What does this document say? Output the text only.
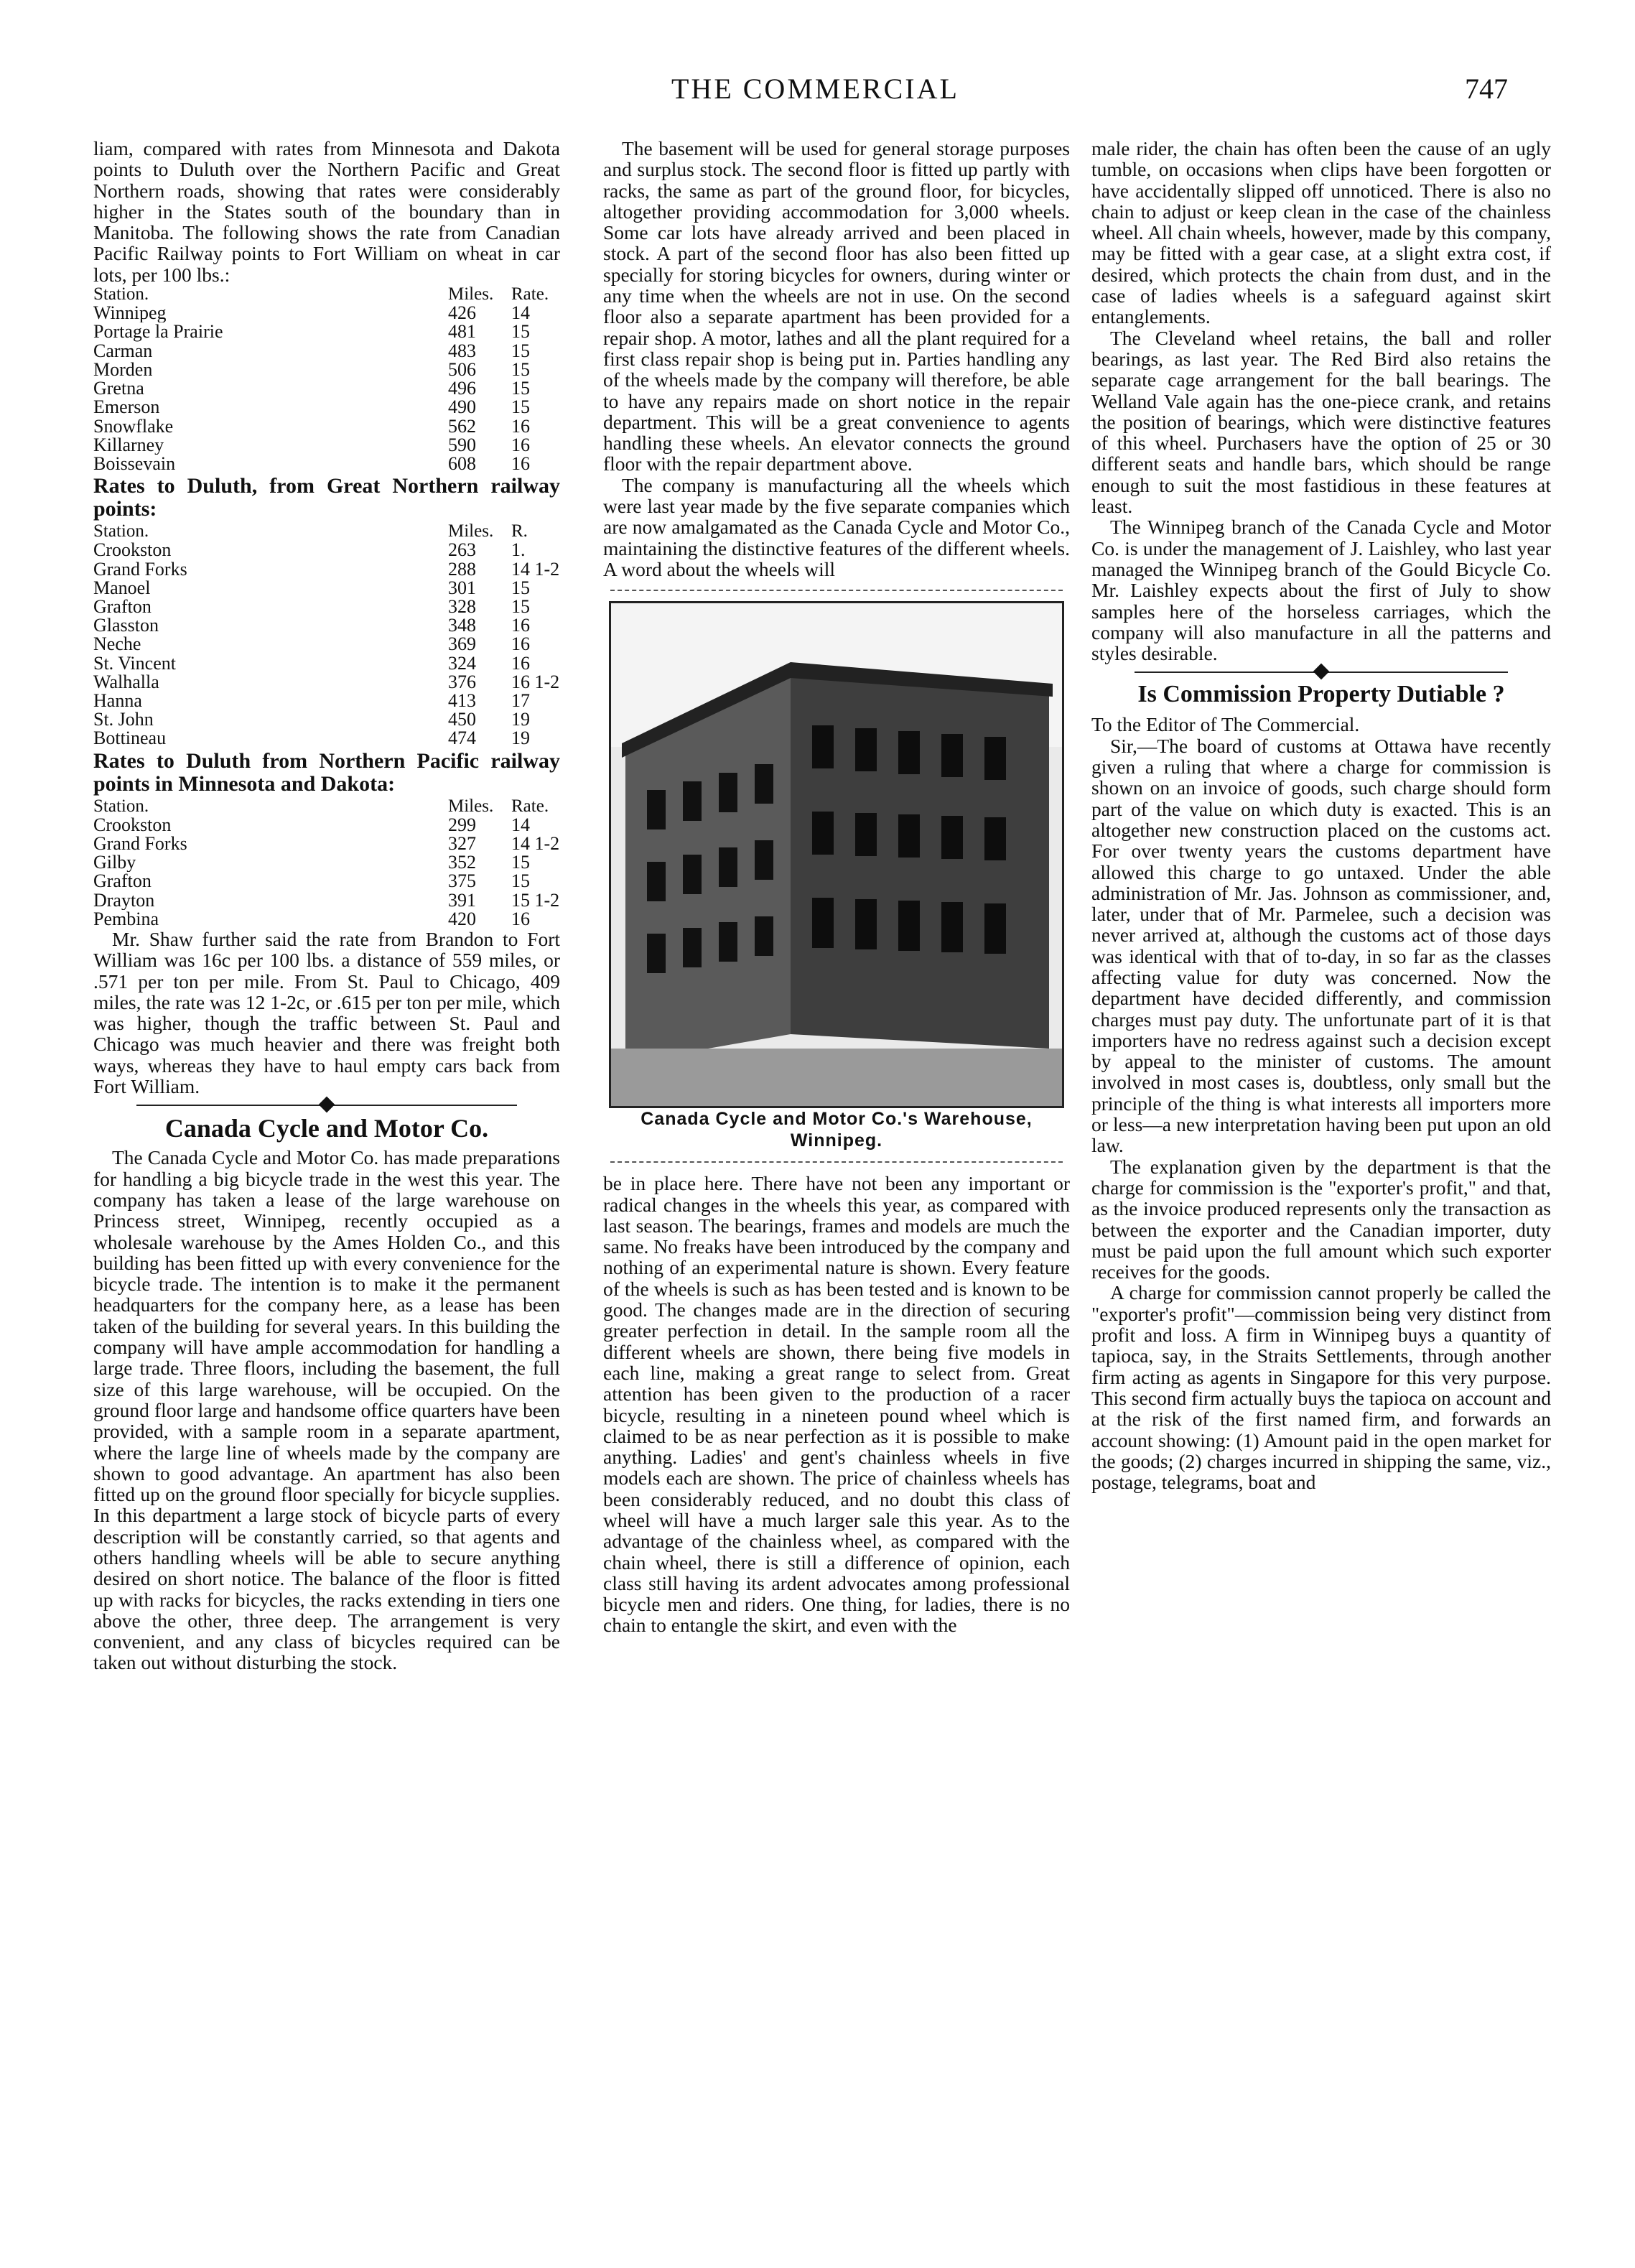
THE COMMERCIAL	747

liam, compared with rates from Minnesota and Dakota points to Duluth over the Northern Pacific and Great Northern roads, showing that rates were considerably higher in the States south of the boundary than in Manitoba. The following shows the rate from Canadian Pacific Railway points to Fort William on wheat in car lots, per 100 lbs.:

Station.	Miles.	Rate.
Winnipeg	426	14
Portage la Prairie	481	15
Carman	483	15
Morden	506	15
Gretna	496	15
Emerson	490	15
Snowflake	562	16
Killarney	590	16
Boissevain	608	16

Rates to Duluth, from Great Northern railway points:

Station.	Miles.	R.
Crookston	263	1.
Grand Forks	288	14 1-2
Manoel	301	15
Grafton	328	15
Glasston	348	16
Neche	369	16
St. Vincent	324	16
Walhalla	376	16 1-2
Hanna	413	17
St. John	450	19
Bottineau	474	19

Rates to Duluth from Northern Pacific railway points in Minnesota and Dakota:

Station.	Miles.	Rate.
Crookston	299	14
Grand Forks	327	14 1-2
Gilby	352	15
Grafton	375	15
Drayton	391	15 1-2
Pembina	420	16

Mr. Shaw further said the rate from Brandon to Fort William was 16c per 100 lbs. a distance of 559 miles, or .571 per ton per mile. From St. Paul to Chicago, 409 miles, the rate was 12 1-2c, or .615 per ton per mile, which was higher, though the traffic between St. Paul and Chicago was much heavier and there was freight both ways, whereas they have to haul empty cars back from Fort William.

Canada Cycle and Motor Co.

The Canada Cycle and Motor Co. has made preparations for handling a big bicycle trade in the west this year. The company has taken a lease of the large warehouse on Princess street, Winnipeg, recently occupied as a wholesale warehouse by the Ames Holden Co., and this building has been fitted up with every convenience for the bicycle trade. The intention is to make it the permanent headquarters for the company here, as a lease has been taken of the building for several years. In this building the company will have ample accommodation for handling a large trade. Three floors, including the basement, the full size of this large warehouse, will be occupied. On the ground floor large and handsome office quarters have been provided, with a sample room in a separate apartment, where the large line of wheels made by the company are shown to good advantage. An apartment has also been fitted up on the ground floor specially for bicycle supplies. In this department a large stock of bicycle parts of every description will be constantly carried, so that agents and others handling wheels will be able to secure anything desired on short notice. The balance of the floor is fitted up with racks for bicycles, the racks extending in tiers one above the other, three deep. The arrangement is very convenient, and any class of bicycles required can be taken out without disturbing the stock.

The basement will be used for general storage purposes and surplus stock. The second floor is fitted up partly with racks, the same as part of the ground floor, for bicycles, altogether providing accommodation for 3,000 wheels. Some car lots have already arrived and been placed in stock. A part of the second floor has also been fitted up specially for storing bicycles for owners, during winter or any time when the wheels are not in use. On the second floor also a separate apartment has been provided for a repair shop. A motor, lathes and all the plant required for a first class repair shop is being put in. Parties handling any of the wheels made by the company will therefore, be able to have any repairs made on short notice in the repair department. This will be a great convenience to agents handling these wheels. An elevator connects the ground floor with the repair department above.

The company is manufacturing all the wheels which were last year made by the five separate companies which are now amalgamated as the Canada Cycle and Motor Co., maintaining the distinctive features of the different wheels. A word about the wheels will

Canada Cycle and Motor Co.'s Warehouse, Winnipeg.

be in place here. There have not been any important or radical changes in the wheels this year, as compared with last season. The bearings, frames and models are much the same. No freaks have been introduced by the company and nothing of an experimental nature is shown. Every feature of the wheels is such as has been tested and is known to be good. The changes made are in the direction of securing greater perfection in detail. In the sample room all the different wheels are shown, there being five models in each line, making a great range to select from. Great attention has been given to the production of a racer bicycle, resulting in a nineteen pound wheel which is claimed to be as near perfection as it is possible to make anything. Ladies' and gent's chainless wheels in five models each are shown. The price of chainless wheels has been considerably reduced, and no doubt this class of wheel will have a much larger sale this year. As to the advantage of the chainless wheel, as compared with the chain wheel, there is still a difference of opinion, each class still having its ardent advocates among professional bicycle men and riders. One thing, for ladies, there is no chain to entangle the skirt, and even with the

male rider, the chain has often been the cause of an ugly tumble, on occasions when clips have been forgotten or have accidentally slipped off unnoticed. There is also no chain to adjust or keep clean in the case of the chainless wheel. All chain wheels, however, made by this company, may be fitted with a gear case, at a slight extra cost, if desired, which protects the chain from dust, and in the case of ladies wheels is a safeguard against skirt entanglements.

The Cleveland wheel retains, the ball and roller bearings, as last year. The Red Bird also retains the separate cage arrangement for the ball bearings. The Welland Vale again has the one-piece crank, and retains the position of bearings, which were distinctive features of this wheel. Purchasers have the option of 25 or 30 different seats and handle bars, which should be range enough to suit the most fastidious in these features at least.

The Winnipeg branch of the Canada Cycle and Motor Co. is under the management of J. Laishley, who last year managed the Winnipeg branch of the Gould Bicycle Co. Mr. Laishley expects about the first of July to show samples here of the horseless carriages, which the company will also manufacture in all the patterns and styles desirable.

Is Commission Property Dutiable ?

To the Editor of The Commercial.

Sir,—The board of customs at Ottawa have recently given a ruling that where a charge for commission is shown on an invoice of goods, such charge should form part of the value on which duty is exacted. This is an altogether new construction placed on the customs act. For over twenty years the customs department have allowed this charge to go untaxed. Under the able administration of Mr. Jas. Johnson as commissioner, and, later, under that of Mr. Parmelee, such a decision was never arrived at, although the customs act of those days was identical with that of to-day, in so far as the classes affecting value for duty was concerned. Now the department have decided differently, and commission charges must pay duty. The unfortunate part of it is that importers have no redress against such a decision except by appeal to the minister of customs. The amount involved in most cases is, doubtless, only small but the principle of the thing is what interests all importers more or less—a new interpretation having been put upon an old law.

The explanation given by the department is that the charge for commission is the "exporter's profit," and that, as the invoice produced represents only the transaction as between the exporter and the Canadian importer, duty must be paid upon the full amount which such exporter receives for the goods.

A charge for commission cannot properly be called the "exporter's profit"—commission being very distinct from profit and loss. A firm in Winnipeg buys a quantity of tapioca, say, in the Straits Settlements, through another firm acting as agents in Singapore for this very purpose. This second firm actually buys the tapioca on account and at the risk of the first named firm, and forwards an account showing: (1) Amount paid in the open market for the goods; (2) charges incurred in shipping the same, viz., postage, telegrams, boat and
